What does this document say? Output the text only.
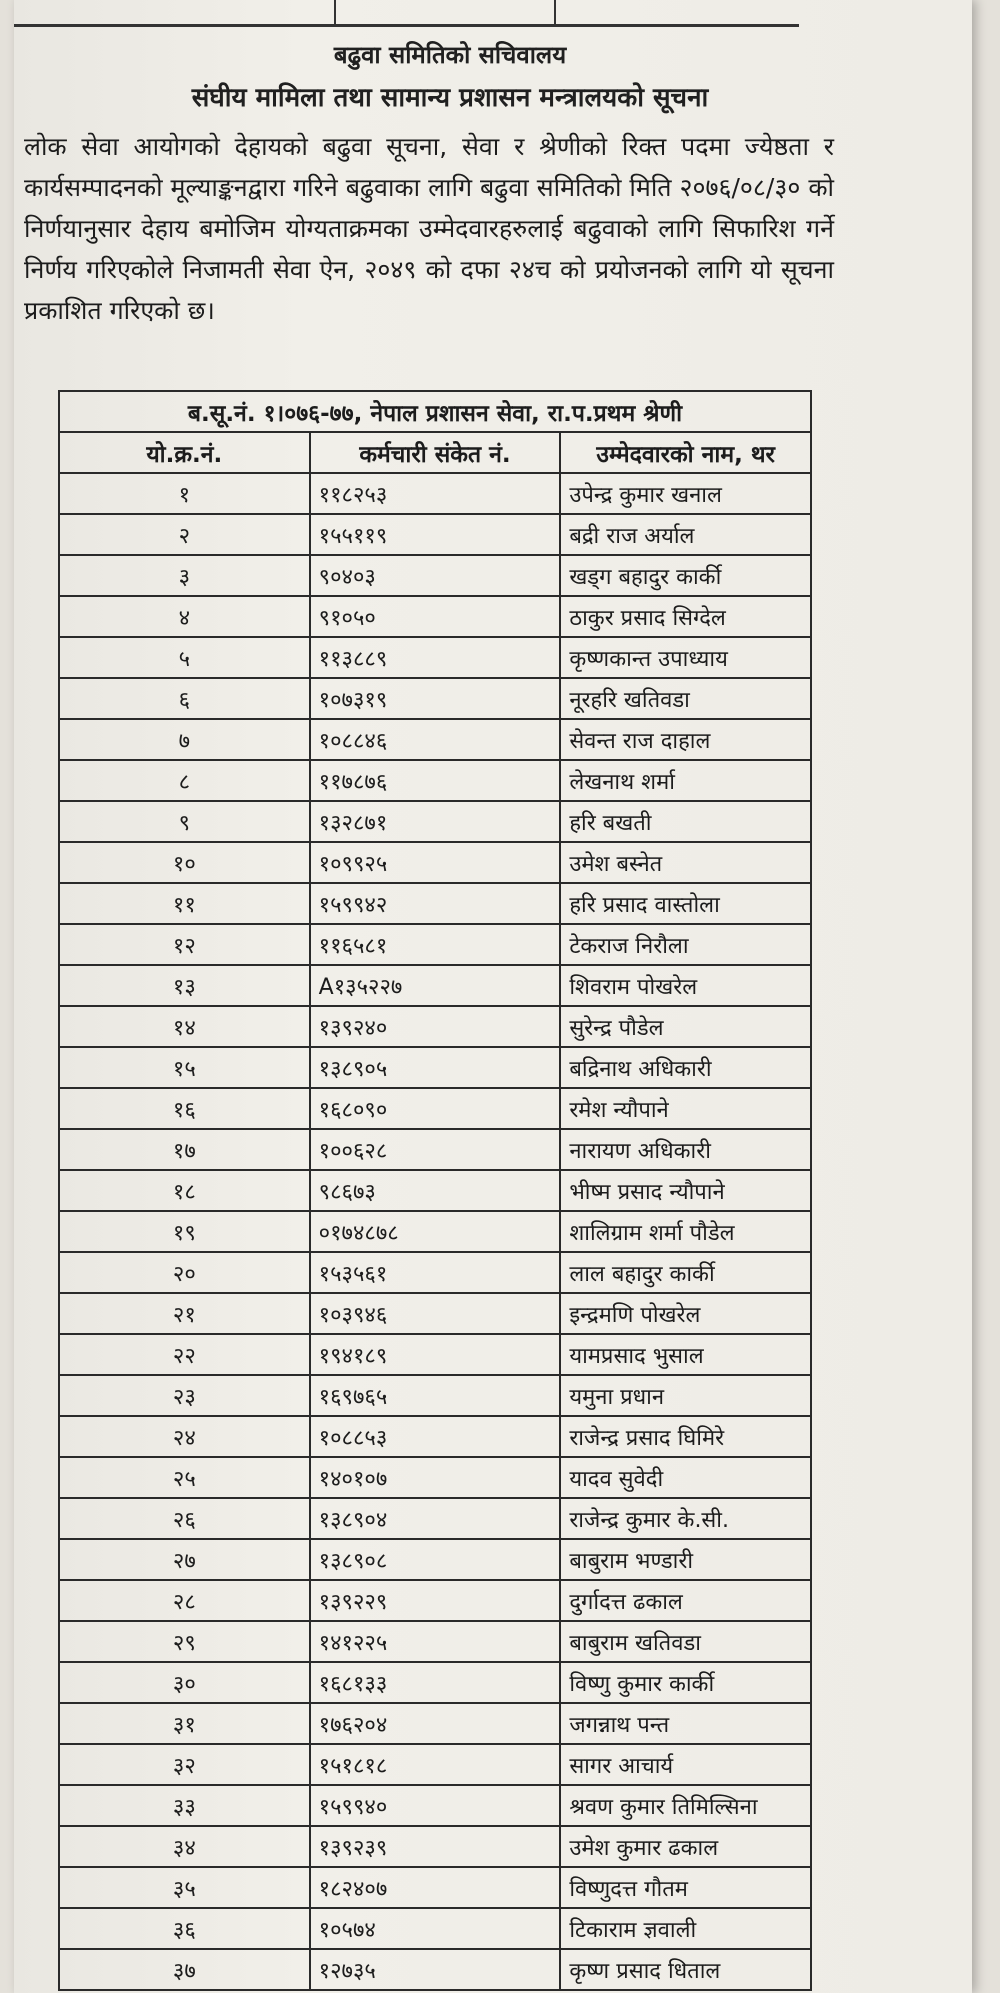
बढुवा समितिको सचिवालय
संघीय मामिला तथा सामान्य प्रशासन मन्त्रालयको सूचना
लोक सेवा आयोगको देहायको बढुवा सूचना, सेवा र श्रेणीको रिक्त पदमा ज्येष्ठता र कार्यसम्पादनको मूल्याङ्कनद्वारा गरिने बढुवाका लागि बढुवा समितिको मिति २०७६/०८/३० को निर्णयानुसार देहाय बमोजिम योग्यताक्रमका उम्मेदवारहरुलाई बढुवाको लागि सिफारिश गर्ने निर्णय गरिएकोले निजामती सेवा ऐन, २०४९ को दफा २४च को प्रयोजनको लागि यो सूचना प्रकाशित गरिएको छ।
ब.सू.नं. १।०७६-७७, नेपाल प्रशासन सेवा, रा.प.प्रथम श्रेणी		
यो.क्र.नं.	कर्मचारी संकेत नं.	उम्मेदवारको नाम, थर
१	११८२५३	उपेन्द्र कुमार खनाल
२	१५५११९	बद्री राज अर्याल
३	९०४०३	खड्ग बहादुर कार्की
४	९१०५०	ठाकुर प्रसाद सिग्देल
५	११३८८९	कृष्णकान्त उपाध्याय
६	१०७३१९	नूरहरि खतिवडा
७	१०८८४६	सेवन्त राज दाहाल
८	११७८७६	लेखनाथ शर्मा
९	१३२८७१	हरि बखती
१०	१०९९२५	उमेश बस्नेत
११	१५९९४२	हरि प्रसाद वास्तोला
१२	११६५८१	टेकराज निरौला
१३	A१३५२२७	शिवराम पोखरेल
१४	१३९२४०	सुरेन्द्र पौडेल
१५	१३८९०५	बद्रिनाथ अधिकारी
१६	१६८०९०	रमेश न्यौपाने
१७	१००६२८	नारायण अधिकारी
१८	९८६७३	भीष्म प्रसाद न्यौपाने
१९	०१७४८७८	शालिग्राम शर्मा पौडेल
२०	१५३५६१	लाल बहादुर कार्की
२१	१०३९४६	इन्द्रमणि पोखरेल
२२	१९४१८९	यामप्रसाद भुसाल
२३	१६९७६५	यमुना प्रधान
२४	१०८८५३	राजेन्द्र प्रसाद घिमिरे
२५	१४०१०७	यादव सुवेदी
२६	१३८९०४	राजेन्द्र कुमार के.सी.
२७	१३८९०८	बाबुराम भण्डारी
२८	१३९२२९	दुर्गादत्त ढकाल
२९	१४१२२५	बाबुराम खतिवडा
३०	१६८१३३	विष्णु कुमार कार्की
३१	१७६२०४	जगन्नाथ पन्त
३२	१५१८१८	सागर आचार्य
३३	१५९९४०	श्रवण कुमार तिमिल्सिना
३४	१३९२३९	उमेश कुमार ढकाल
३५	१८२४०७	विष्णुदत्त गौतम
३६	१०५७४	टिकाराम ज्ञवाली
३७	१२७३५	कृष्ण प्रसाद धिताल
